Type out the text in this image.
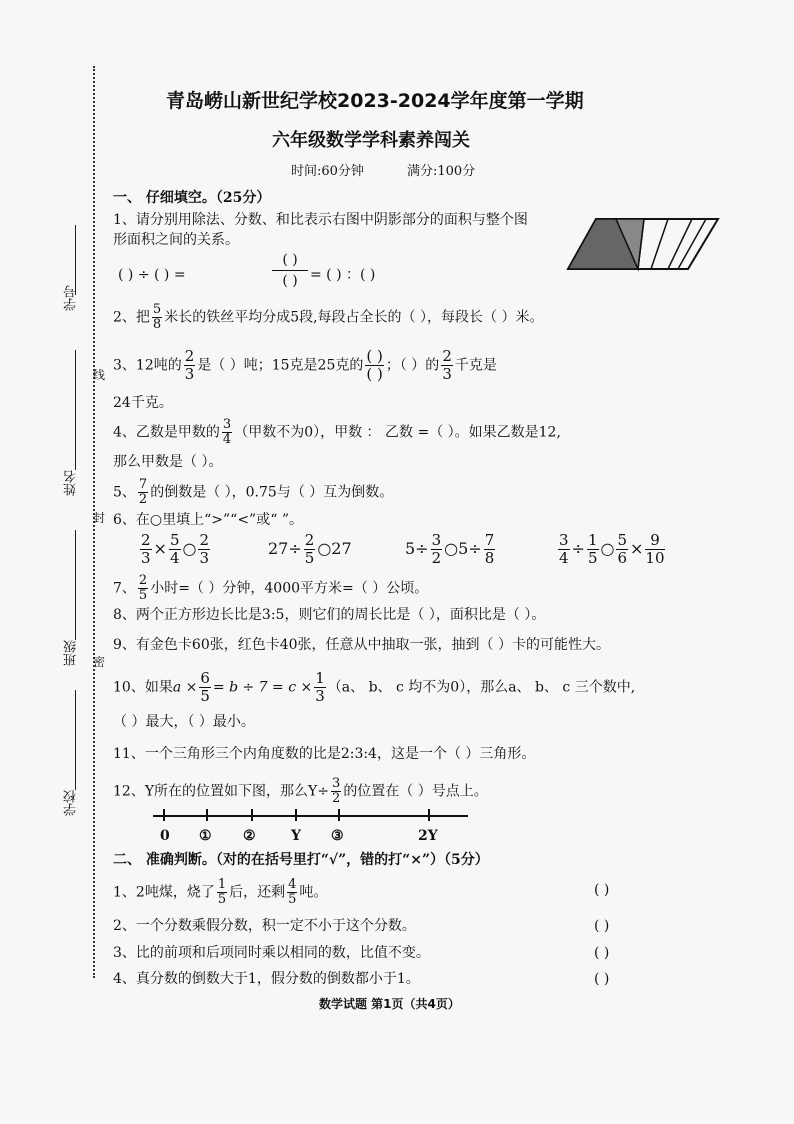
学号
姓名
班级
学校
线
封
密
青岛崂山新世纪学校2023-2024学年度第一学期
六年级数学学科素养闯关
时间:60分钟	满分:100分
一、 仔细填空。（25分）
1、请分别用除法、分数、和比表示右图中阴影部分的面积与整个图
形面积之间的关系。
( ) ÷ ( ) =
( )
( ) = ( ) ：( )
2、把 $\frac{5}{8}$ 米长的铁丝平均分成5段,每段占全长的（ ），每段长（ ）米。
3、12吨的 $\frac{2}{3}$ 是（ ）吨；15克是25克的 $\frac{( )}{( )}$ ；（ ）的 $\frac{2}{3}$ 千克是
24千克。
4、乙数是甲数的 $\frac{3}{4}$ （甲数不为0），甲数 ： 乙数 =（ ）。如果乙数是12,
那么甲数是（ ）。
5、 $\frac{7}{2}$ 的倒数是（ ），0.75与（ ）互为倒数。
6、在○里填上“>”“<”或“ ”。
$\frac{2}{3} \times \frac{5}{4}$ ○ $\frac{2}{3}$	$27\div \frac{2}{5}$ ○27	$5\div \frac{3}{2}$ ○5÷ $\frac{7}{8}$	$\frac{3}{4} \div \frac{1}{5}$ ○ $\frac{5}{6} \times \frac{9}{10}$
7、 $\frac{2}{5}$ 小时=（ ）分钟，4000平方米=（ ）公顷。
8、两个正方形边长比是3:5，则它们的周长比是（ ），面积比是（ ）。
9、有金色卡60张，红色卡40张，任意从中抽取一张，抽到（ ）卡的可能性大。
10、如果$a \times \frac{6}{5} = b \div 7 = c \times \frac{1}{3} (a$、 b、 c 均不为0），那么a、 b、 c 三个数中,
（ ）最大，（ ）最小。
11、一个三角形三个内角度数的比是2:3:4，这是一个（ ）三角形。
12、Y所在的位置如下图，那么$Y\div \frac{3}{2}$ 的位置在（ ）号点上。
0 ① ②	Y ③	2Y
二、 准确判断。（对的在括号里打“√”，错的打“×”）（5分）
1、2吨煤，烧了 $\frac{1}{5}$ 后，还剩 $\frac{4}{5}$ 吨。	( )
2、一个分数乘假分数，积一定不小于这个分数。	( )
3、比的前项和后项同时乘以相同的数，比值不变。	( )
4、真分数的倒数大于1，假分数的倒数都小于1。	( )
数学试题 第1页（共4页）
